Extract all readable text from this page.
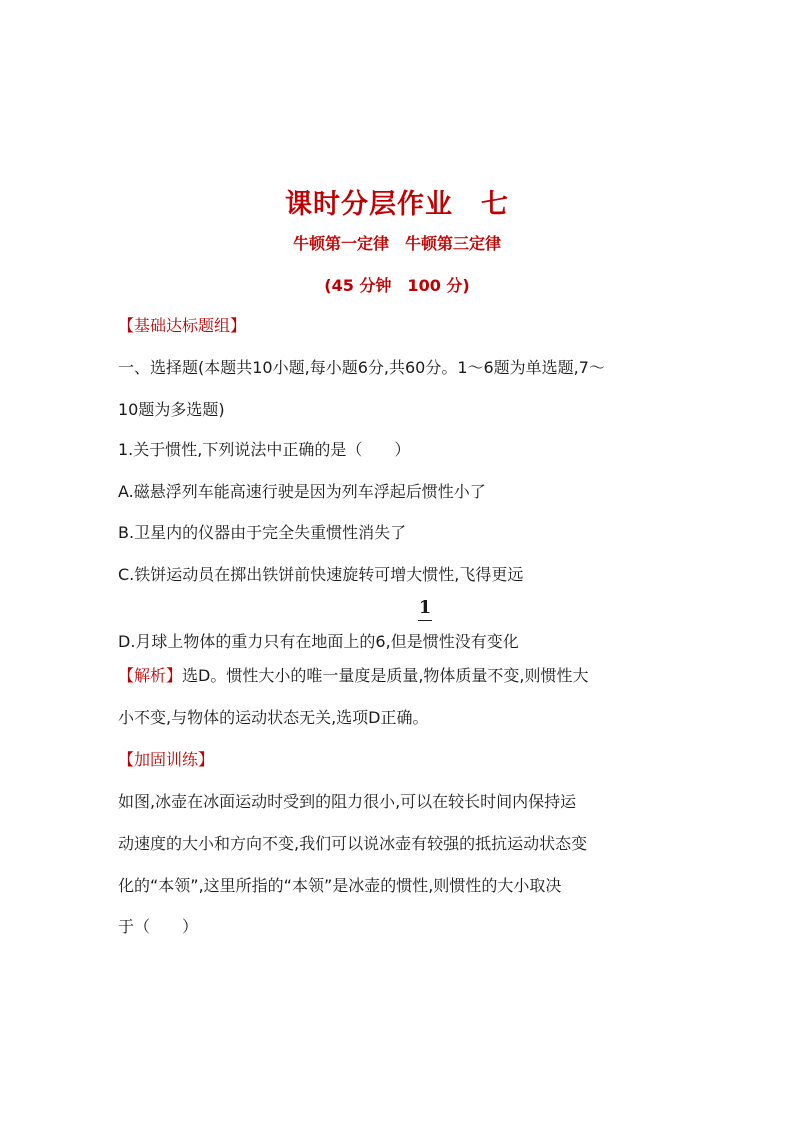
课时分层作业　七
牛顿第一定律　牛顿第三定律
(45 分钟　100 分)
【基础达标题组】
一、选择题(本题共10小题,每小题6分,共60分。1～6题为单选题,7～
10题为多选题)
1.关于惯性,下列说法中正确的是（　　）
A.磁悬浮列车能高速行驶是因为列车浮起后惯性小了
B.卫星内的仪器由于完全失重惯性消失了
C.铁饼运动员在掷出铁饼前快速旋转可增大惯性,飞得更远
1
D.月球上物体的重力只有在地面上的6,但是惯性没有变化
【解析】选D。惯性大小的唯一量度是质量,物体质量不变,则惯性大
小不变,与物体的运动状态无关,选项D正确。
【加固训练】
如图,冰壶在冰面运动时受到的阻力很小,可以在较长时间内保持运
动速度的大小和方向不变,我们可以说冰壶有较强的抵抗运动状态变
化的“本领”,这里所指的“本领”是冰壶的惯性,则惯性的大小取决
于（　　）
